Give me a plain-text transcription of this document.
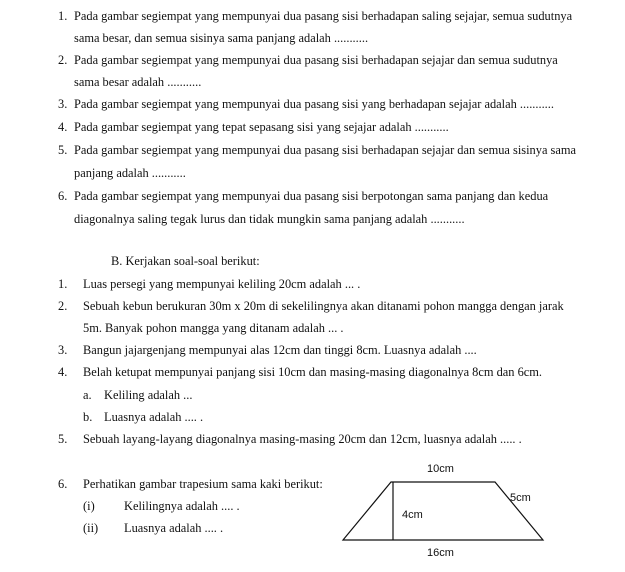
1. Pada gambar segiempat yang mempunyai dua pasang sisi berhadapan saling sejajar, semua sudutnya
sama besar, dan semua sisinya sama panjang adalah ...........
2. Pada gambar segiempat yang mempunyai dua pasang sisi berhadapan sejajar dan semua sudutnya
sama besar adalah ...........
3. Pada gambar segiempat yang mempunyai dua pasang sisi yang berhadapan sejajar adalah ...........
4. Pada gambar segiempat yang tepat sepasang sisi yang sejajar adalah ...........
5. Pada gambar segiempat yang mempunyai dua pasang sisi berhadapan sejajar dan semua sisinya sama
panjang adalah ...........
6. Pada gambar segiempat yang mempunyai dua pasang sisi berpotongan sama panjang dan kedua
diagonalnya saling tegak lurus dan tidak mungkin sama panjang adalah ...........
B. Kerjakan soal-soal berikut:
1. Luas persegi yang mempunyai keliling 20cm adalah ... .
2. Sebuah kebun berukuran 30m x 20m di sekelilingnya akan ditanami pohon mangga dengan jarak
5m. Banyak pohon mangga yang ditanam adalah ... .
3. Bangun jajargenjang mempunyai alas 12cm dan tinggi 8cm. Luasnya adalah ....
4. Belah ketupat mempunyai panjang sisi 10cm dan masing-masing diagonalnya 8cm dan 6cm.
a. Keliling adalah ...
b. Luasnya adalah .... .
5. Sebuah layang-layang diagonalnya masing-masing 20cm dan 12cm, luasnya adalah ..... .
6. Perhatikan gambar trapesium sama kaki berikut:
(i) Kelilingnya adalah .... .
(ii) Luasnya adalah .... .
10cm
5cm
4cm
16cm
